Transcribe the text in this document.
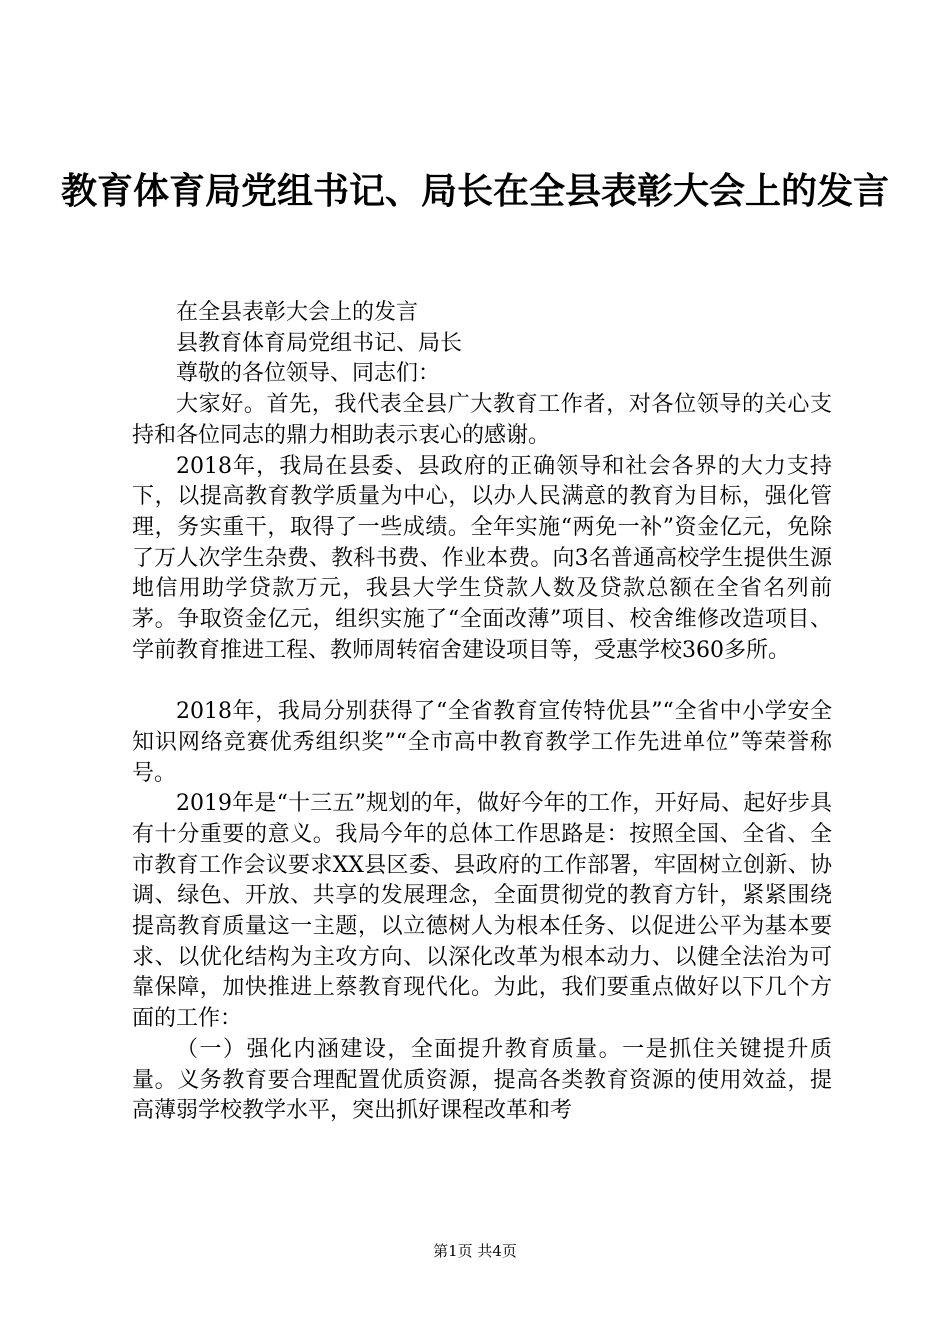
教育体育局党组书记、局长在全县表彰大会上的发言

在全县表彰大会上的发言

县教育体育局党组书记、局长

尊敬的各位领导、同志们：

大家好。首先，我代表全县广大教育工作者，对各位领导的关心支持和各位同志的鼎力相助表示衷心的感谢。

2018年，我局在县委、县政府的正确领导和社会各界的大力支持下，以提高教育教学质量为中心，以办人民满意的教育为目标，强化管理，务实重干，取得了一些成绩。全年实施“两免一补”资金亿元，免除了万人次学生杂费、教科书费、作业本费。向3名普通高校学生提供生源地信用助学贷款万元，我县大学生贷款人数及贷款总额在全省名列前茅。争取资金亿元，组织实施了“全面改薄”项目、校舍维修改造项目、学前教育推进工程、教师周转宿舍建设项目等，受惠学校360多所。

2018年，我局分别获得了“全省教育宣传特优县”“全省中小学安全知识网络竞赛优秀组织奖”“全市高中教育教学工作先进单位”等荣誉称号。

2019年是“十三五”规划的年，做好今年的工作，开好局、起好步具有十分重要的意义。我局今年的总体工作思路是：按照全国、全省、全市教育工作会议要求XX县区委、县政府的工作部署，牢固树立创新、协调、绿色、开放、共享的发展理念，全面贯彻党的教育方针，紧紧围绕提高教育质量这一主题，以立德树人为根本任务、以促进公平为基本要求、以优化结构为主攻方向、以深化改革为根本动力、以健全法治为可靠保障，加快推进上蔡教育现代化。为此，我们要重点做好以下几个方面的工作：

（一）强化内涵建设，全面提升教育质量。一是抓住关键提升质量。义务教育要合理配置优质资源，提高各类教育资源的使用效益，提高薄弱学校教学水平，突出抓好课程改革和考

第1页 共4页
